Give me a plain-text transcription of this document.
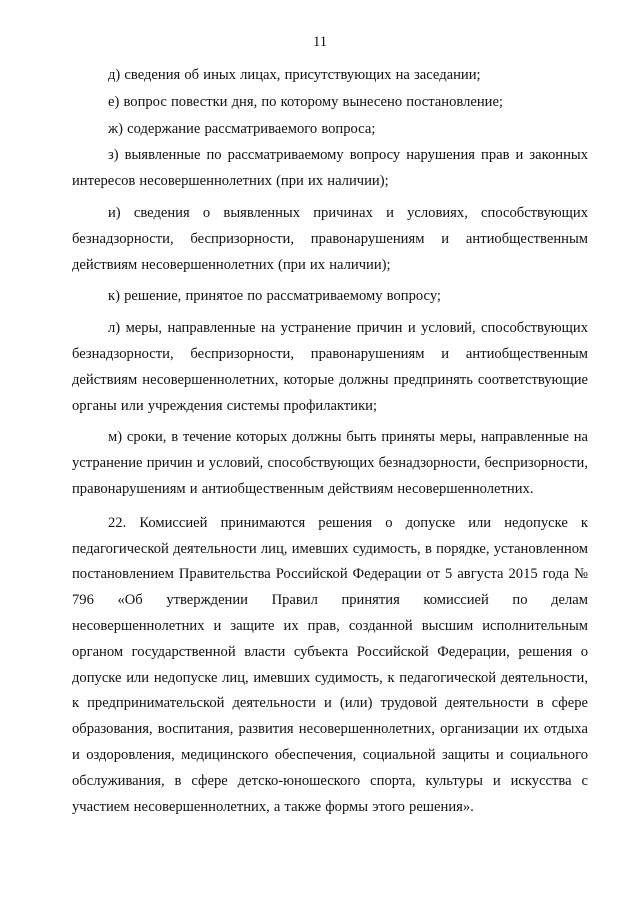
11

д) сведения об иных лицах, присутствующих на заседании;

е) вопрос повестки дня, по которому вынесено постановление;

ж) содержание рассматриваемого вопроса;

з) выявленные по рассматриваемому вопросу нарушения прав и законных интересов несовершеннолетних (при их наличии);

и) сведения о выявленных причинах и условиях, способствующих безнадзорности, беспризорности, правонарушениям и антиобщественным действиям несовершеннолетних (при их наличии);

к) решение, принятое по рассматриваемому вопросу;

л) меры, направленные на устранение причин и условий, способствующих безнадзорности, беспризорности, правонарушениям и антиобщественным действиям несовершеннолетних, которые должны предпринять соответствующие органы или учреждения системы профилактики;

м) сроки, в течение которых должны быть приняты меры, направленные на устранение причин и условий, способствующих безнадзорности, беспризорности, правонарушениям и антиобщественным действиям несовершеннолетних.

22. Комиссией принимаются решения о допуске или недопуске к педагогической деятельности лиц, имевших судимость, в порядке, установленном постановлением Правительства Российской Федерации от 5 августа 2015 года № 796 «Об утверждении Правил принятия комиссией по делам несовершеннолетних и защите их прав, созданной высшим исполнительным органом государственной власти субъекта Российской Федерации, решения о допуске или недопуске лиц, имевших судимость, к педагогической деятельности, к предпринимательской деятельности и (или) трудовой деятельности в сфере образования, воспитания, развития несовершеннолетних, организации их отдыха и оздоровления, медицинского обеспечения, социальной защиты и социального обслуживания, в сфере детско-юношеского спорта, культуры и искусства с участием несовершеннолетних, а также формы этого решения».
